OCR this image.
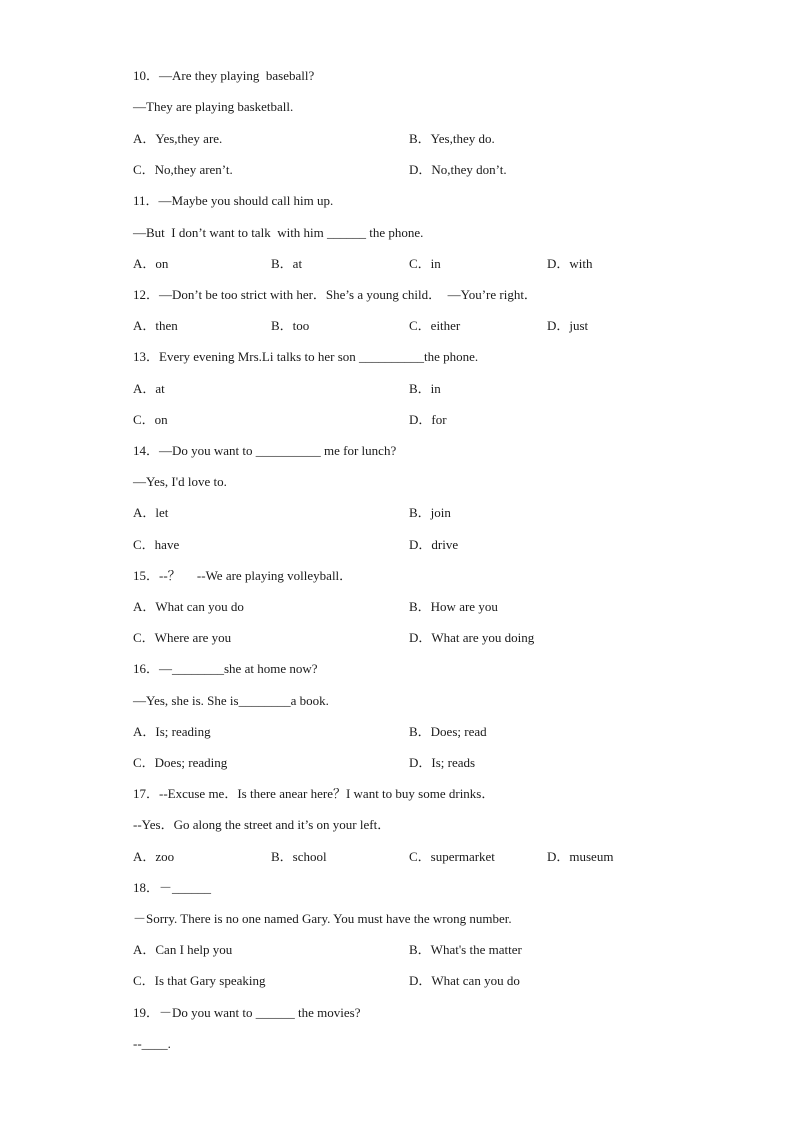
10．—Are they playing  baseball?
—They are playing basketball.
A．Yes,they are.	B．Yes,they do.
C．No,they aren’t.	D．No,they don’t.
11．—Maybe you should call him up.
—But  I don’t want to talk  with him ______ the phone.
A．on	B．at	C．in	D．with
12．—Don’t be too strict with her．She’s a young child．  —You’re right．
A．then	B．too	C．either	D．just
13．Every evening Mrs.Li talks to her son __________the phone.
A．at	B．in
C．on	D．for
14．—Do you want to __________ me for lunch?
—Yes, I'd love to.
A．let	B．join
C．have	D．drive
15．--？     --We are playing volleyball．
A．What can you do	B．How are you
C．Where are you	D．What are you doing
16．—________she at home now?
—Yes, she is. She is________a book.
A．Is; reading	B．Does; read
C．Does; reading	D．Is; reads
17．--Excuse me．Is there anear here？I want to buy some drinks．
--Yes．Go along the street and it’s on your left．
A．zoo	B．school	C．supermarket	D．museum
18．－______
－Sorry. There is no one named Gary. You must have the wrong number.
A．Can I help you	B．What's the matter
C．Is that Gary speaking	D．What can you do
19．－Do you want to ______ the movies?
--____.
